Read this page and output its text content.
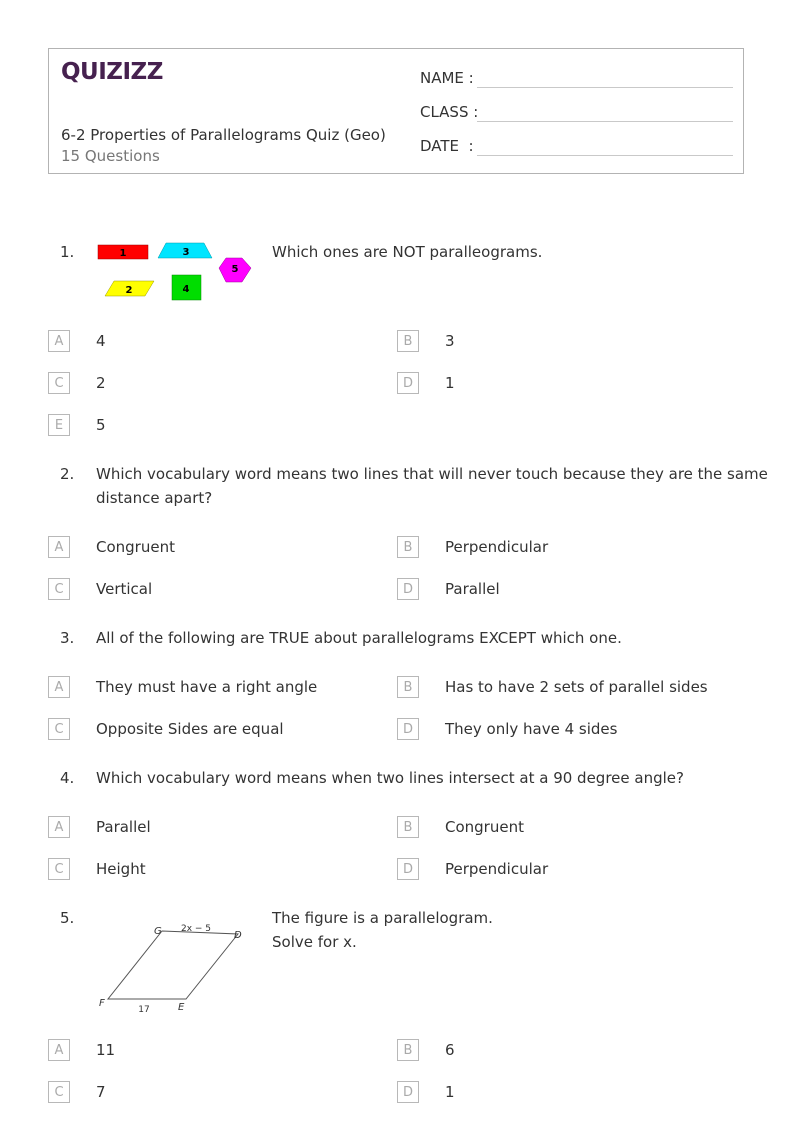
QUIZIZZ
6-2 Properties of Parallelograms Quiz (Geo)
15 Questions
NAME :
CLASS :
DATE  :
1.	1	3
5
2	4
Which ones are NOT paralleograms.
A	4	B	3
C	2	D	1
E	5
2. Which vocabulary word means two lines that will never touch because they are the same
distance apart?
A	Congruent	B	Perpendicular
C	Vertical	D	Parallel
3. All of the following are TRUE about parallelograms EXCEPT which one.
A	They must have a right angle	B	Has to have 2 sets of parallel sides
C	Opposite Sides are equal	D	They only have 4 sides
4. Which vocabulary word means when two lines intersect at a 90 degree angle?
A	Parallel	B	Congruent
C	Height	D	Perpendicular
5.
G	D
F	E
2x − 5
17
The figure is a parallelogram.
Solve for x.
A	11	B	6
C	7	D	1
